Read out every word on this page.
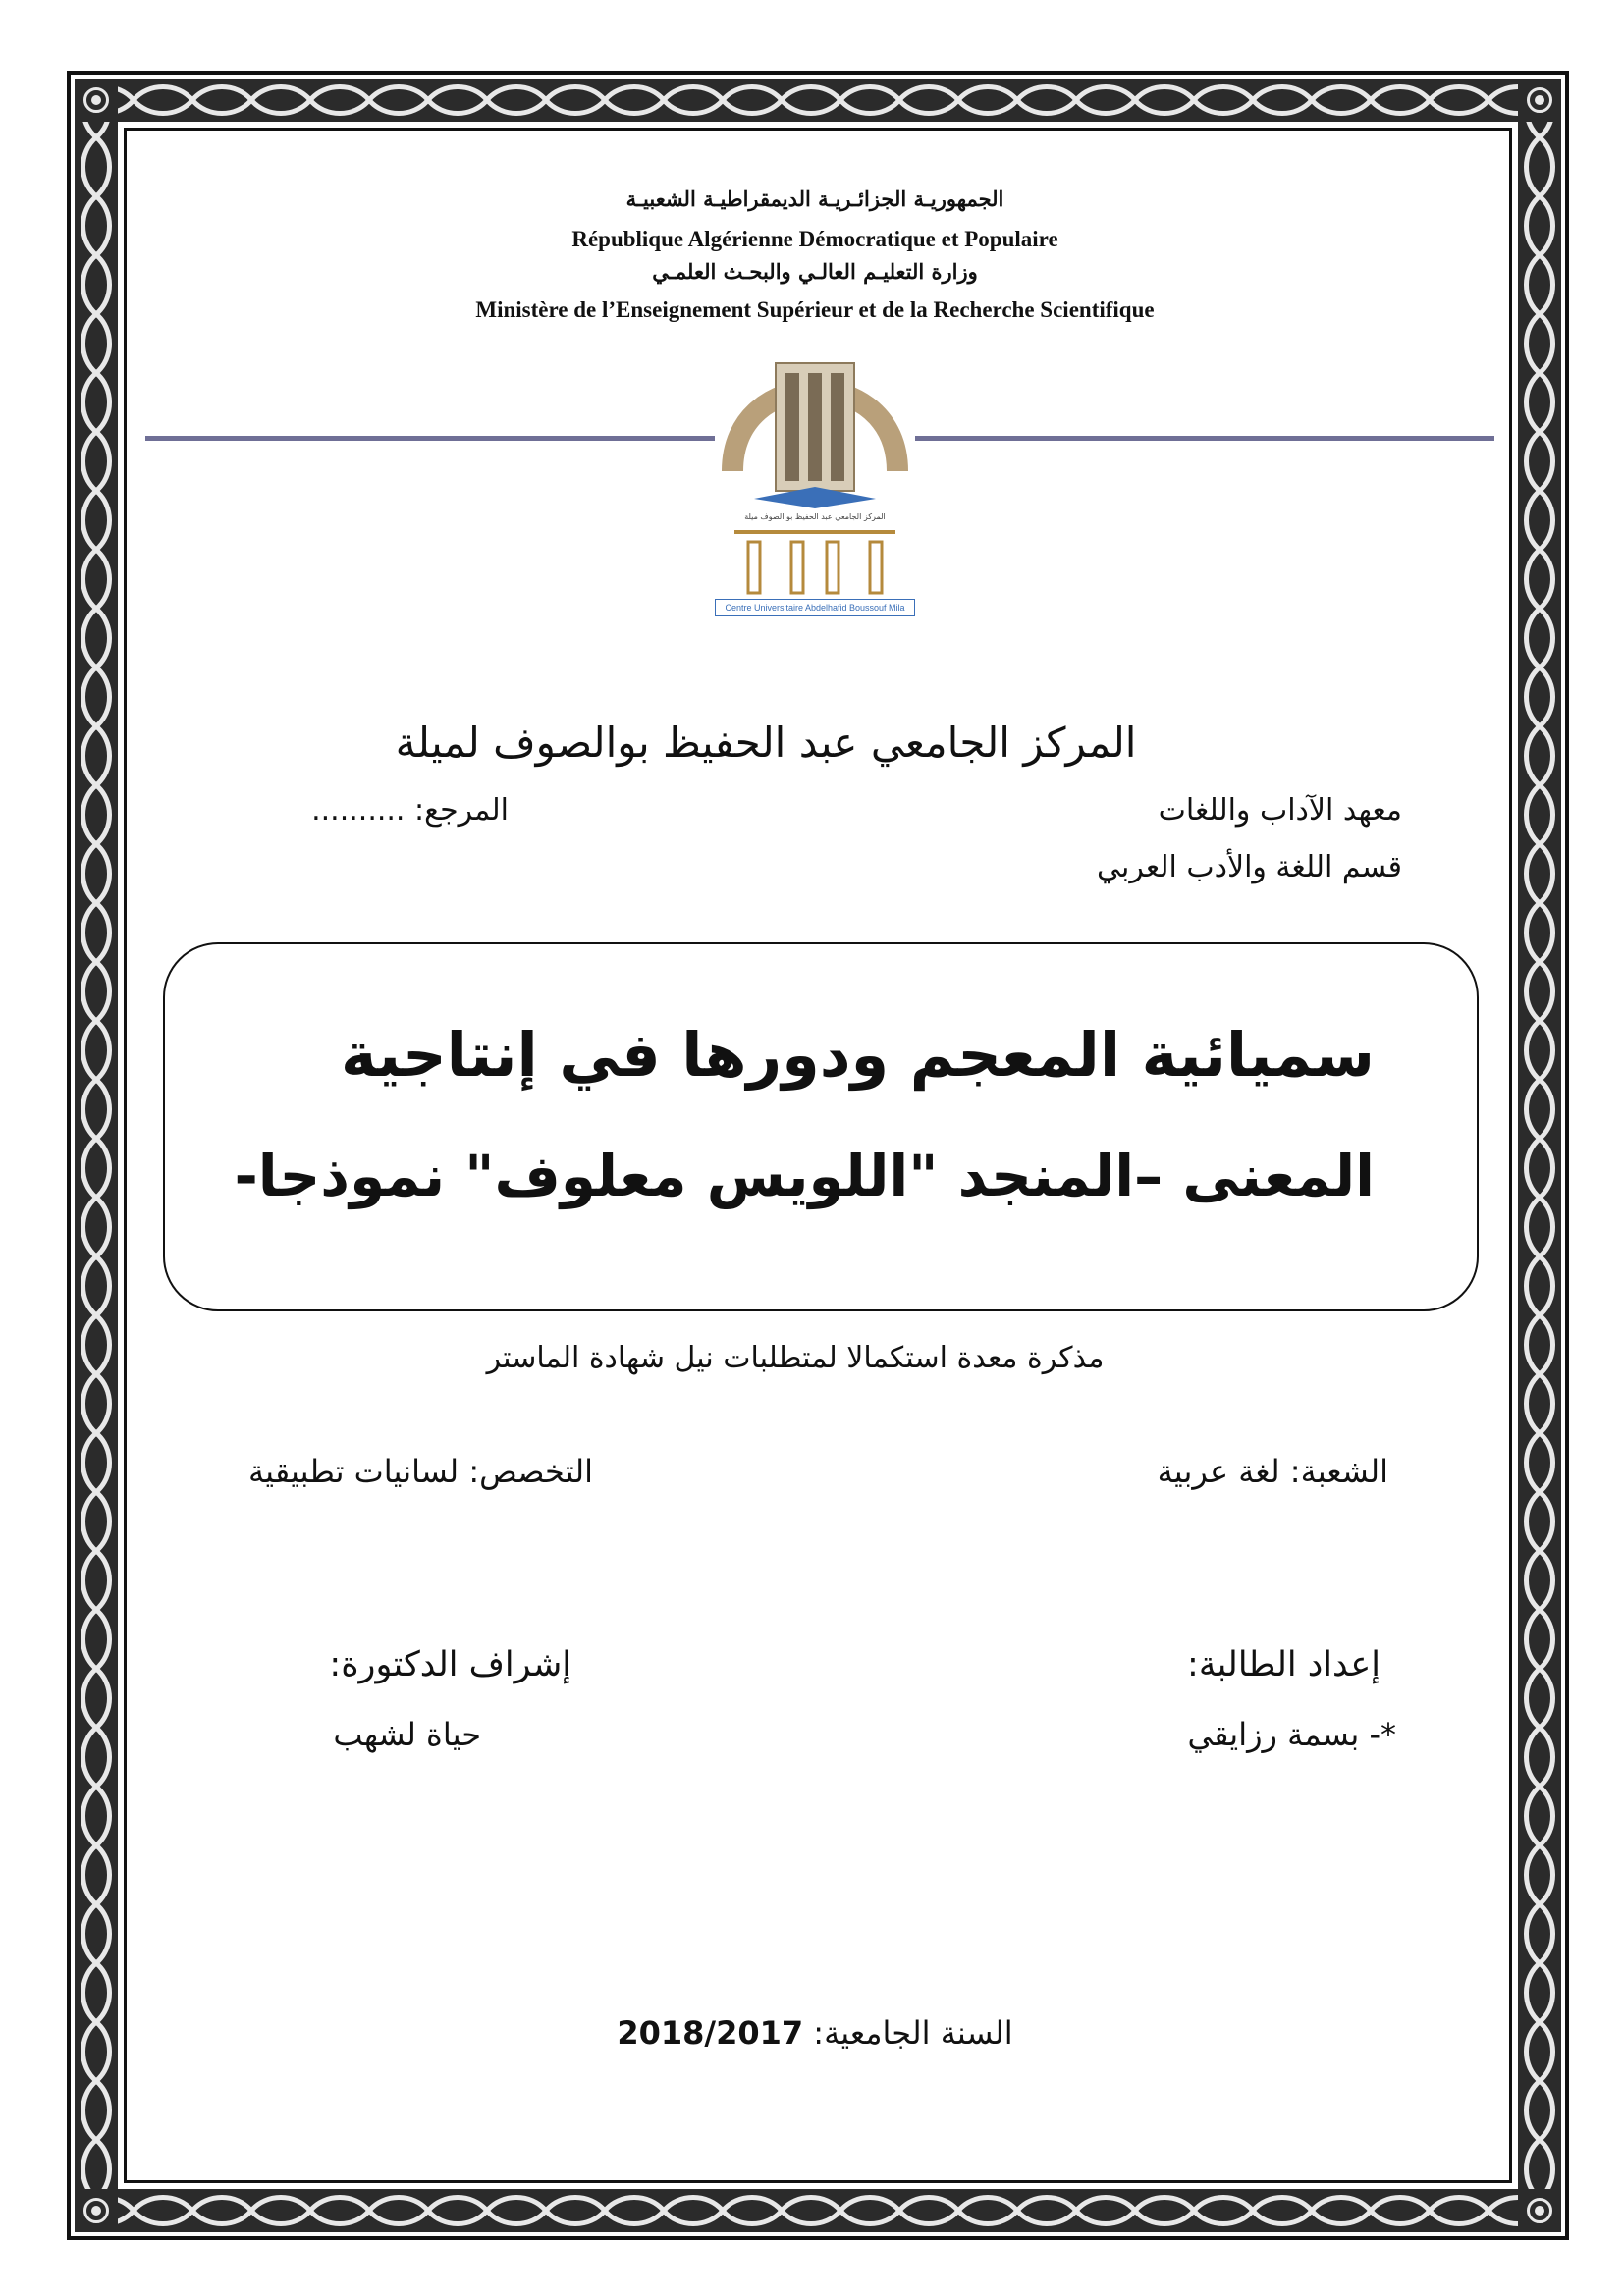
الجمهوريـة الجزائـريـة الديمقراطيـة الشعبيـة
République Algérienne Démocratique et Populaire
وزارة التعليـم العالـي والبحـث العلمـي
Ministère de l’Enseignement Supérieur et de la Recherche Scientifique
المركز الجامعي عبد الحفيظ بو الصوف ميلة
Centre Universitaire Abdelhafid Boussouf Mila
المركز الجامعي عبد الحفيظ بوالصوف لميلة
معهد الآداب واللغات
المرجع: ..........
قسم اللغة والأدب العربي
سميائية المعجم ودورها في إنتاجية
المعنى –المنجد "اللويس معلوف" نموذجا-
مذكرة معدة استكمالا لمتطلبات نيل شهادة الماستر
الشعبة: لغة عربية
التخصص: لسانيات تطبيقية
إعداد الطالبة:
إشراف الدكتورة:
*- بسمة رزايقي
حياة لشهب
السنة الجامعية: 2018/2017
